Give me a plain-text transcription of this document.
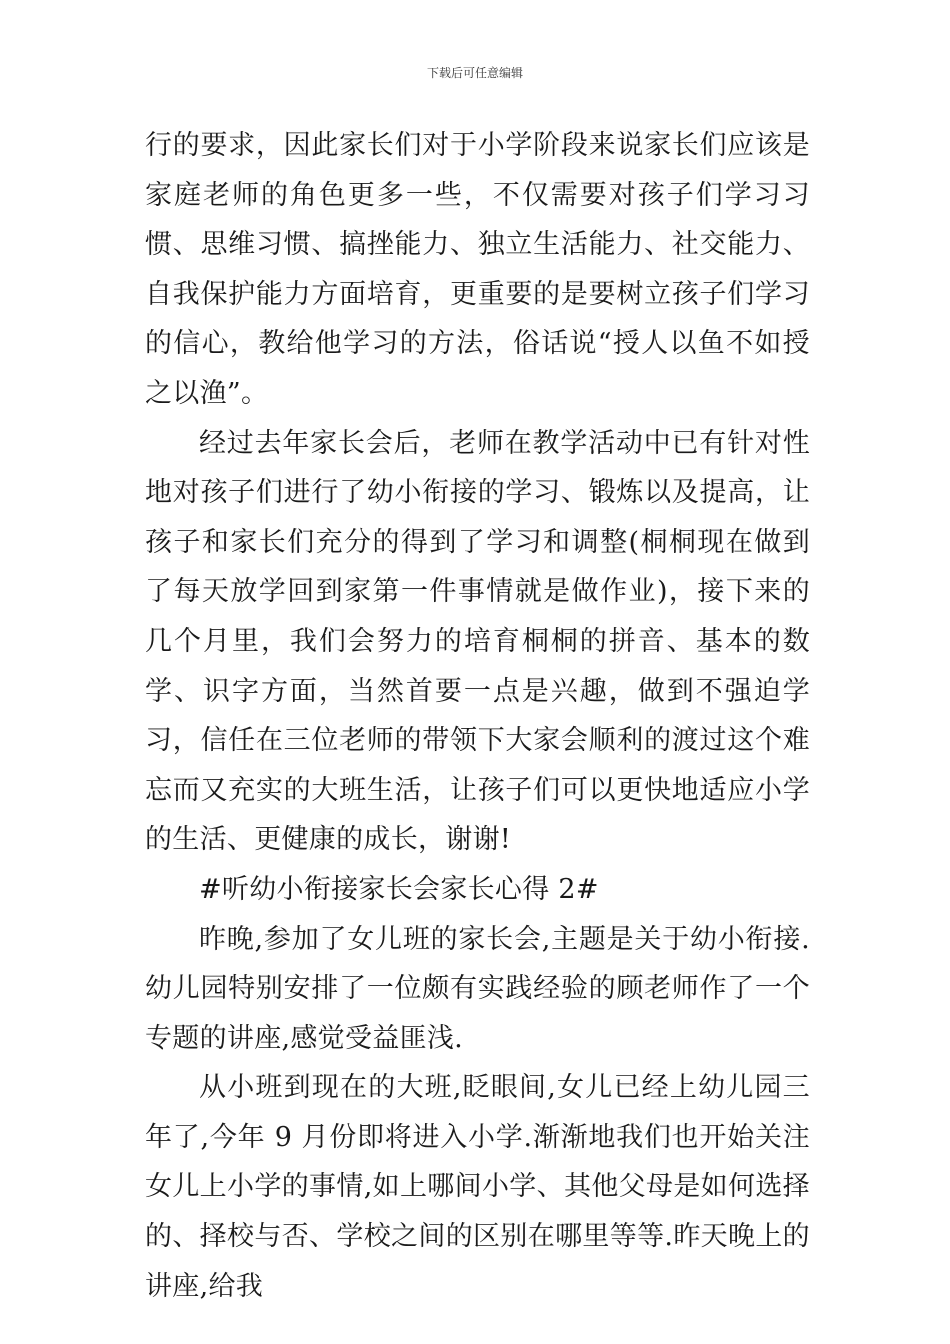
下载后可任意编辑

行的要求，因此家长们对于小学阶段来说家长们应该是家庭老师的角色更多一些，不仅需要对孩子们学习习惯、思维习惯、搞挫能力、独立生活能力、社交能力、自我保护能力方面培育，更重要的是要树立孩子们学习的信心，教给他学习的方法，俗话说“授人以鱼不如授之以渔”。

经过去年家长会后，老师在教学活动中已有针对性地对孩子们进行了幼小衔接的学习、锻炼以及提高，让孩子和家长们充分的得到了学习和调整(桐桐现在做到了每天放学回到家第一件事情就是做作业)，接下来的几个月里，我们会努力的培育桐桐的拼音、基本的数学、识字方面，当然首要一点是兴趣，做到不强迫学习，信任在三位老师的带领下大家会顺利的渡过这个难忘而又充实的大班生活，让孩子们可以更快地适应小学的生活、更健康的成长，谢谢!

#听幼小衔接家长会家长心得 2#

昨晚,参加了女儿班的家长会,主题是关于幼小衔接.幼儿园特别安排了一位颇有实践经验的顾老师作了一个专题的讲座,感觉受益匪浅.

从小班到现在的大班,眨眼间,女儿已经上幼儿园三年了,今年 9 月份即将进入小学.渐渐地我们也开始关注女儿上小学的事情,如上哪间小学、其他父母是如何选择的、择校与否、学校之间的区别在哪里等等.昨天晚上的讲座,给我
